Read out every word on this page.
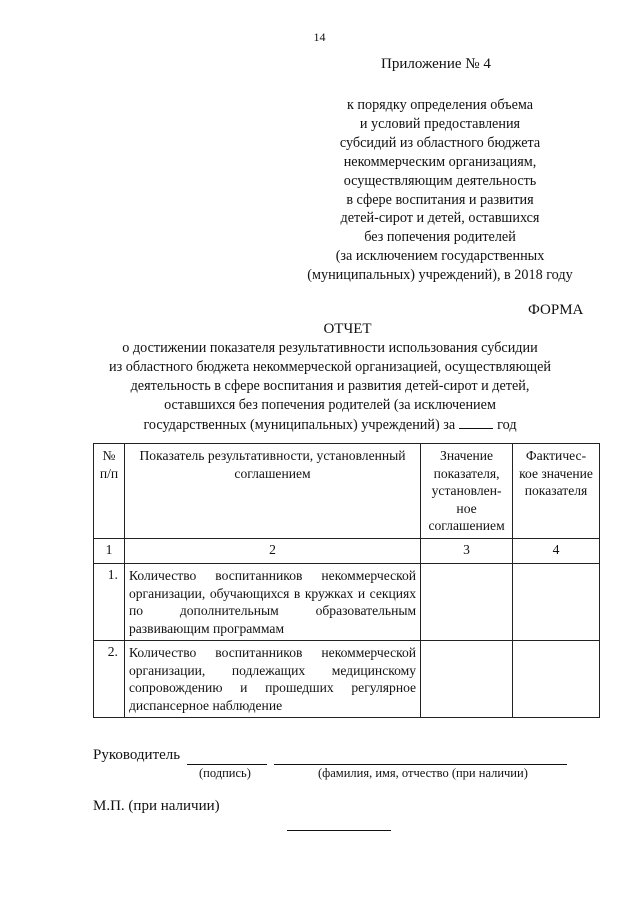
14
Приложение № 4
к порядку определения объема
и условий предоставления
субсидий из областного бюджета
некоммерческим организациям,
осуществляющим деятельность
в сфере воспитания и развития
детей-сирот и детей, оставшихся
без попечения родителей
(за исключением государственных
(муниципальных) учреждений), в 2018 году
ФОРМА
ОТЧЕТ
о достижении показателя результативности использования субсидии
из областного бюджета некоммерческой организацией, осуществляющей
деятельность в сфере воспитания и развития детей-сирот и детей,
оставшихся без попечения родителей (за исключением
государственных (муниципальных) учреждений) за	год
№ п/п	Показатель результативности, установленный соглашением	Значение показателя, установлен- ное соглашением	Фактичес- кое значение показателя
1	2	3	4
1.	Количество воспитанников некоммерческой организации, обучающихся в кружках и секциях по дополнительным образовательным развивающим программам		
2.	Количество воспитанников некоммерческой организации, подлежащих медицинскому сопровождению и прошедших регулярное диспансерное наблюдение		
Руководитель
(подпись)	(фамилия, имя, отчество (при наличии)
М.П. (при наличии)
